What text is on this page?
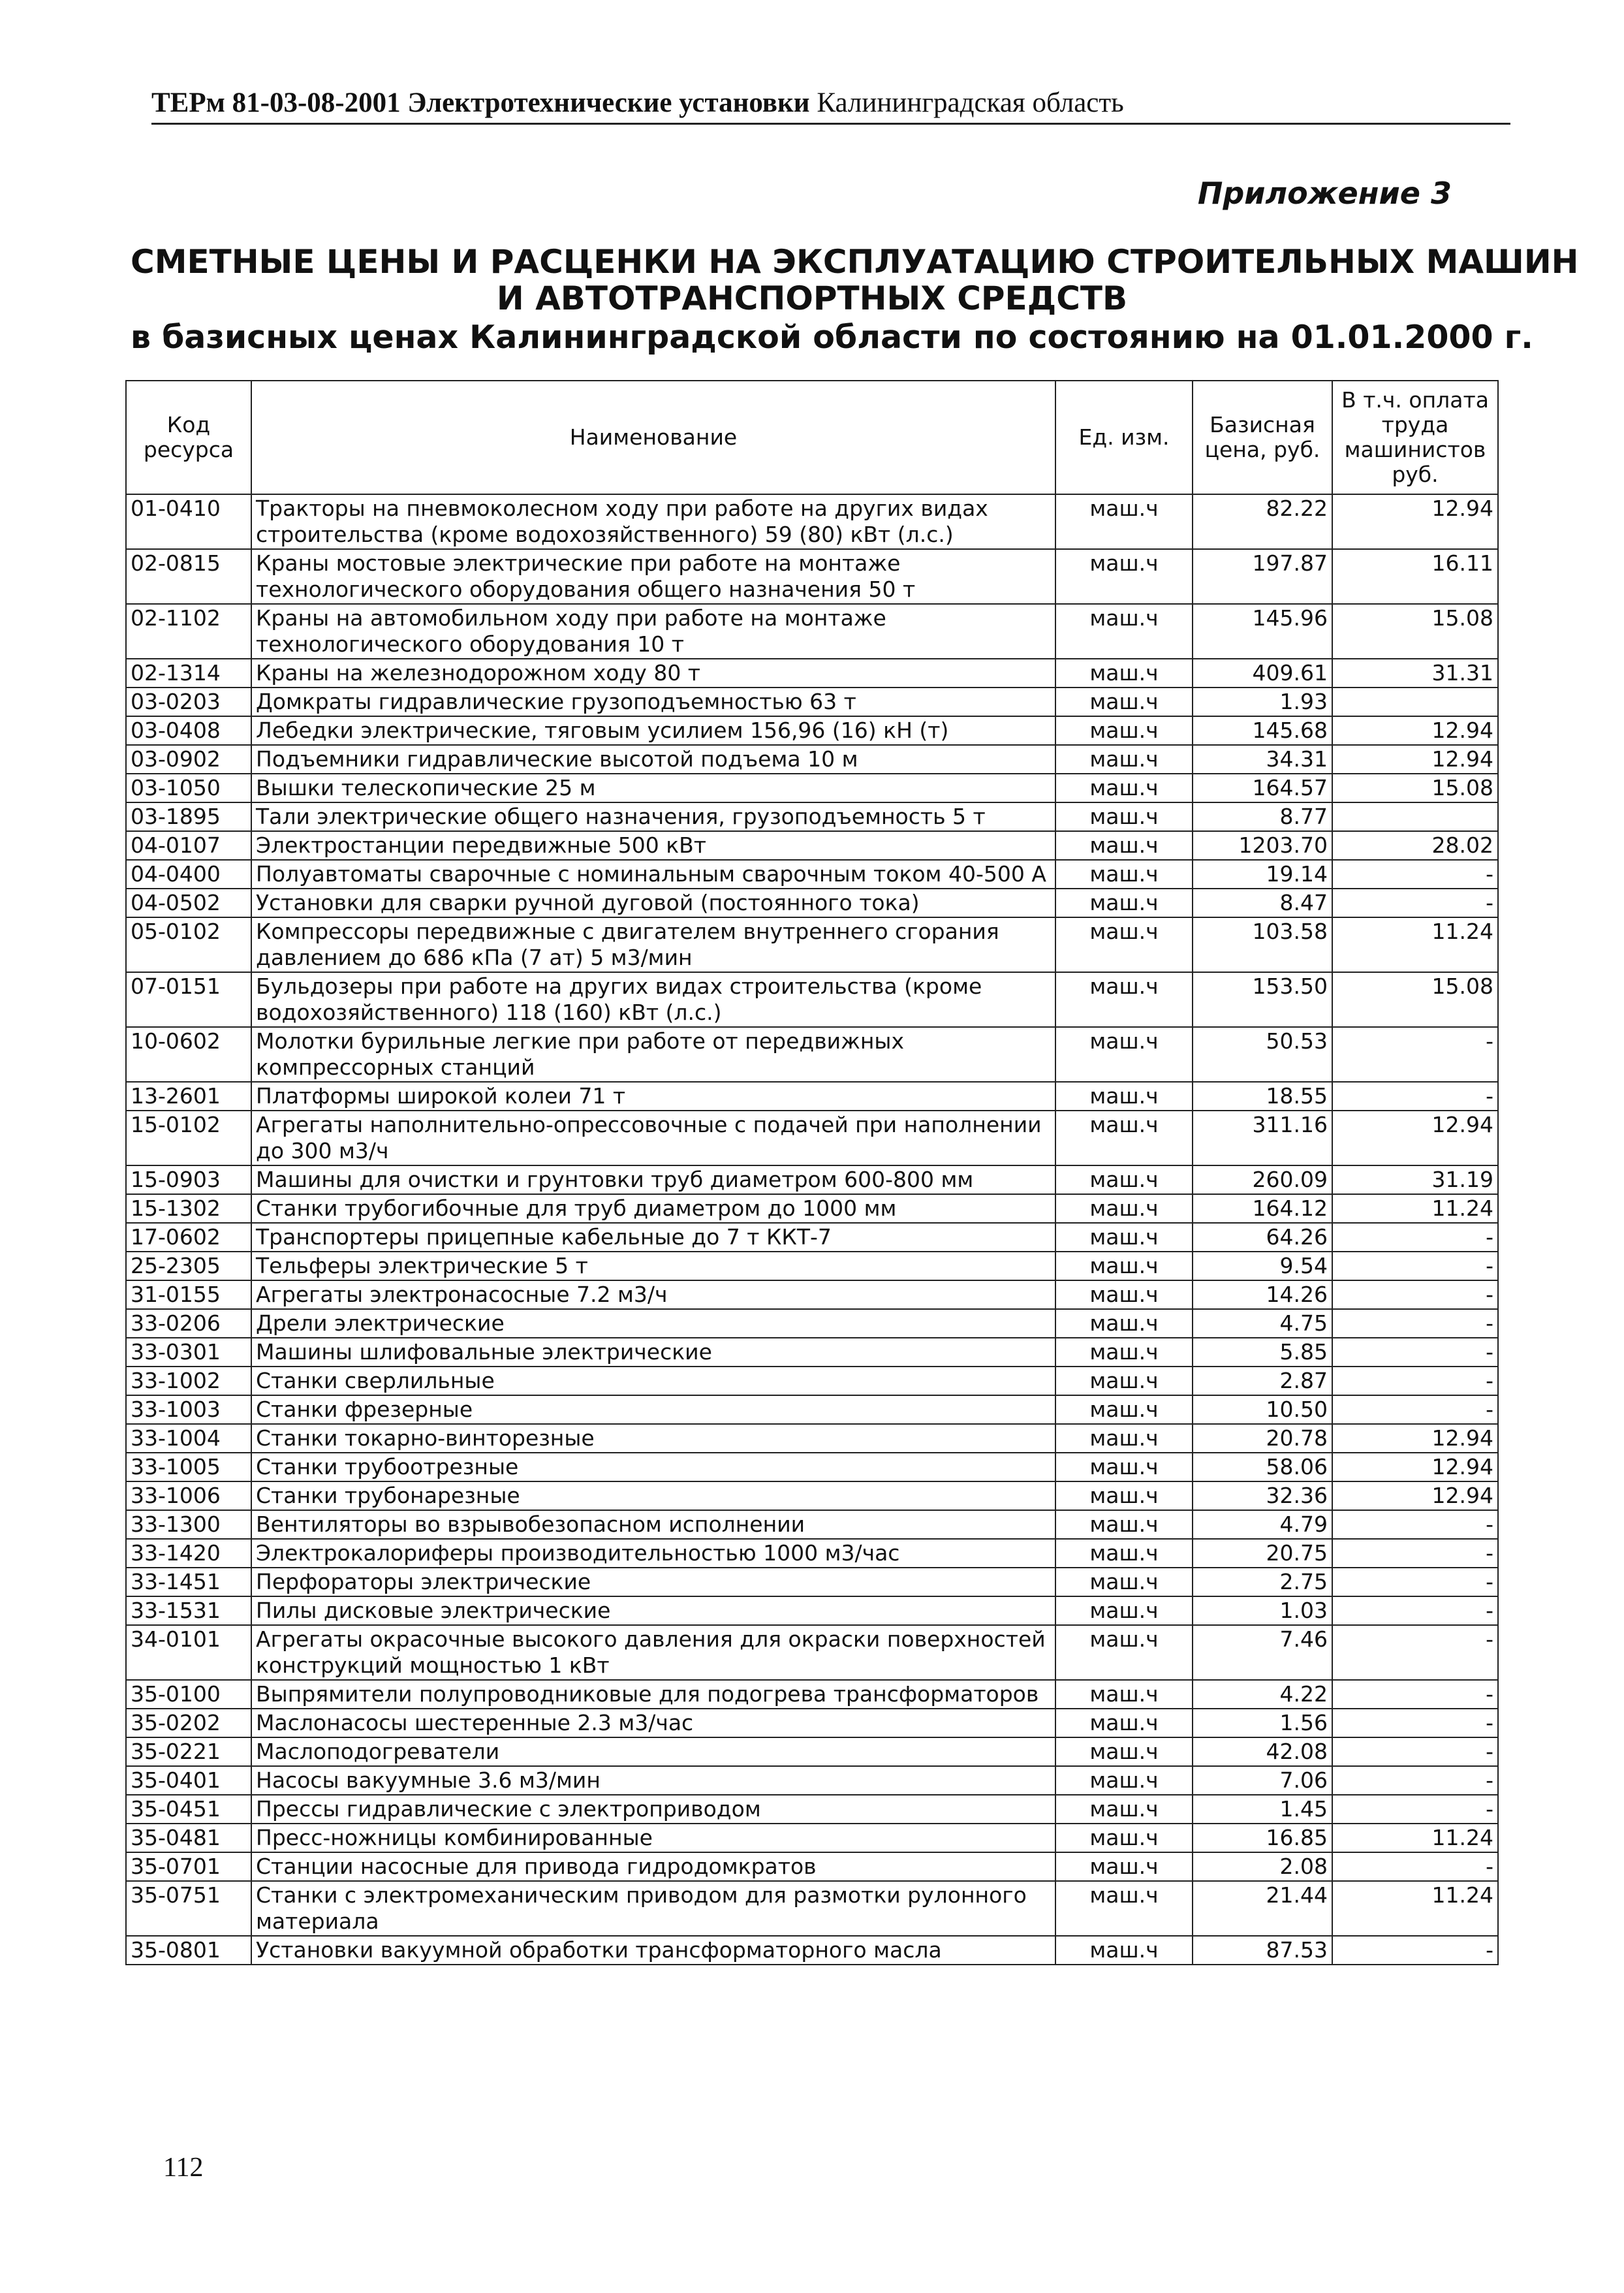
ТЕРм 81-03-08-2001 Электротехнические установки Калининградская область
Приложение 3
СМЕТНЫЕ ЦЕНЫ И РАСЦЕНКИ НА ЭКСПЛУАТАЦИЮ СТРОИТЕЛЬНЫХ МАШИН
И АВТОТРАНСПОРТНЫХ СРЕДСТВ
в базисных ценах Калининградской области по состоянию на 01.01.2000 г.
Код ресурса	Наименование	Ед. изм.	Базисная цена, руб.	В т.ч. оплата труда машинистов руб.
01-0410	Тракторы на пневмоколесном ходу при работе на других видах строительства (кроме водохозяйственного) 59 (80) кВт (л.с.)	маш.ч	82.22	12.94
02-0815	Краны мостовые электрические при работе на монтаже технологического оборудования общего назначения 50 т	маш.ч	197.87	16.11
02-1102	Краны на автомобильном ходу при работе на монтаже технологического оборудования 10 т	маш.ч	145.96	15.08
02-1314	Краны на железнодорожном ходу 80 т	маш.ч	409.61	31.31
03-0203	Домкраты гидравлические грузоподъемностью 63 т	маш.ч	1.93	
03-0408	Лебедки электрические, тяговым усилием 156,96 (16) кН (т)	маш.ч	145.68	12.94
03-0902	Подъемники гидравлические высотой подъема 10 м	маш.ч	34.31	12.94
03-1050	Вышки телескопические 25 м	маш.ч	164.57	15.08
03-1895	Тали электрические общего назначения, грузоподъемность 5 т	маш.ч	8.77	
04-0107	Электростанции передвижные 500 кВт	маш.ч	1203.70	28.02
04-0400	Полуавтоматы сварочные с номинальным сварочным током 40-500 А	маш.ч	19.14	-
04-0502	Установки для сварки ручной дуговой (постоянного тока)	маш.ч	8.47	-
05-0102	Компрессоры передвижные с двигателем внутреннего сгорания давлением до 686 кПа (7 ат) 5 м3/мин	маш.ч	103.58	11.24
07-0151	Бульдозеры при работе на других видах строительства (кроме водохозяйственного) 118 (160) кВт (л.с.)	маш.ч	153.50	15.08
10-0602	Молотки бурильные легкие при работе от передвижных компрессорных станций	маш.ч	50.53	-
13-2601	Платформы широкой колеи 71 т	маш.ч	18.55	-
15-0102	Агрегаты наполнительно-опрессовочные с подачей при наполнении до 300 м3/ч	маш.ч	311.16	12.94
15-0903	Машины для очистки и грунтовки труб диаметром 600-800 мм	маш.ч	260.09	31.19
15-1302	Станки трубогибочные для труб диаметром до 1000 мм	маш.ч	164.12	11.24
17-0602	Транспортеры прицепные кабельные до 7 т ККТ-7	маш.ч	64.26	-
25-2305	Тельферы электрические 5 т	маш.ч	9.54	-
31-0155	Агрегаты электронасосные 7.2 м3/ч	маш.ч	14.26	-
33-0206	Дрели электрические	маш.ч	4.75	-
33-0301	Машины шлифовальные электрические	маш.ч	5.85	-
33-1002	Станки сверлильные	маш.ч	2.87	-
33-1003	Станки фрезерные	маш.ч	10.50	-
33-1004	Станки токарно-винторезные	маш.ч	20.78	12.94
33-1005	Станки трубоотрезные	маш.ч	58.06	12.94
33-1006	Станки трубонарезные	маш.ч	32.36	12.94
33-1300	Вентиляторы во взрывобезопасном исполнении	маш.ч	4.79	-
33-1420	Электрокалориферы производительностью 1000 м3/час	маш.ч	20.75	-
33-1451	Перфораторы электрические	маш.ч	2.75	-
33-1531	Пилы дисковые электрические	маш.ч	1.03	-
34-0101	Агрегаты окрасочные высокого давления для окраски поверхностей конструкций мощностью 1 кВт	маш.ч	7.46	-
35-0100	Выпрямители полупроводниковые для подогрева трансформаторов	маш.ч	4.22	-
35-0202	Маслонасосы шестеренные 2.3 м3/час	маш.ч	1.56	-
35-0221	Маслоподогреватели	маш.ч	42.08	-
35-0401	Насосы вакуумные 3.6 м3/мин	маш.ч	7.06	-
35-0451	Прессы гидравлические с электроприводом	маш.ч	1.45	-
35-0481	Пресс-ножницы комбинированные	маш.ч	16.85	11.24
35-0701	Станции насосные для привода гидродомкратов	маш.ч	2.08	-
35-0751	Станки с электромеханическим приводом для размотки рулонного материала	маш.ч	21.44	11.24
35-0801	Установки вакуумной обработки трансформаторного масла	маш.ч	87.53	-
112
